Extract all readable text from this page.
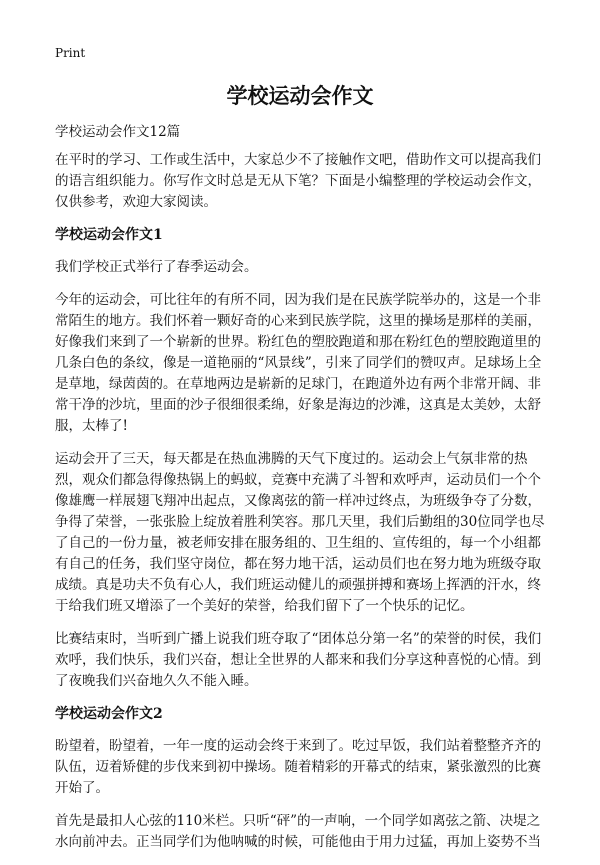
Print
学校运动会作文
学校运动会作文12篇

在平时的学习、工作或生活中，大家总少不了接触作文吧，借助作文可以提高我们的语言组织能力。你写作文时总是无从下笔？下面是小编整理的学校运动会作文，仅供参考，欢迎大家阅读。

学校运动会作文1

我们学校正式举行了春季运动会。

今年的运动会，可比往年的有所不同，因为我们是在民族学院举办的，这是一个非常陌生的地方。我们怀着一颗好奇的心来到民族学院，这里的操场是那样的美丽，好像我们来到了一个崭新的世界。粉红色的塑胶跑道和那在粉红色的塑胶跑道里的几条白色的条纹，像是一道艳丽的“风景线”，引来了同学们的赞叹声。足球场上全是草地，绿茵茵的。在草地两边是崭新的足球门，在跑道外边有两个非常开阔、非常干净的沙坑，里面的沙子很细很柔绵，好象是海边的沙滩，这真是太美妙，太舒服，太棒了!

运动会开了三天，每天都是在热血沸腾的天气下度过的。运动会上气氛非常的热烈，观众们都急得像热锅上的蚂蚁，竞赛中充满了斗智和欢呼声，运动员们一个个像雄鹰一样展翅飞翔冲出起点，又像离弦的箭一样冲过终点，为班级争夺了分数，争得了荣誉，一张张脸上绽放着胜利笑容。那几天里，我们后勤组的30位同学也尽了自己的一份力量，被老师安排在服务组的、卫生组的、宣传组的，每一个小组都有自己的任务，我们坚守岗位，都在努力地干活，运动员们也在努力地为班级夺取成绩。真是功夫不负有心人，我们班运动健儿的顽强拼搏和赛场上挥洒的汗水，终于给我们班又增添了一个美好的荣誉，给我们留下了一个快乐的记忆。

比赛结束时，当听到广播上说我们班夺取了“团体总分第一名”的荣誉的时侯，我们欢呼，我们快乐，我们兴奋，想让全世界的人都来和我们分享这种喜悦的心情。到了夜晚我们兴奋地久久不能入睡。

学校运动会作文2

盼望着，盼望着，一年一度的运动会终于来到了。吃过早饭，我们站着整整齐齐的队伍，迈着矫健的步伐来到初中操场。随着精彩的开幕式的结束，紧张激烈的比赛开始了。

首先是最扣人心弦的110米栏。只听“砰”的一声响，一个同学如离弦之箭、决堤之水向前冲去。正当同学们为他呐喊的时候，可能他由于用力过猛，再加上姿势不当
